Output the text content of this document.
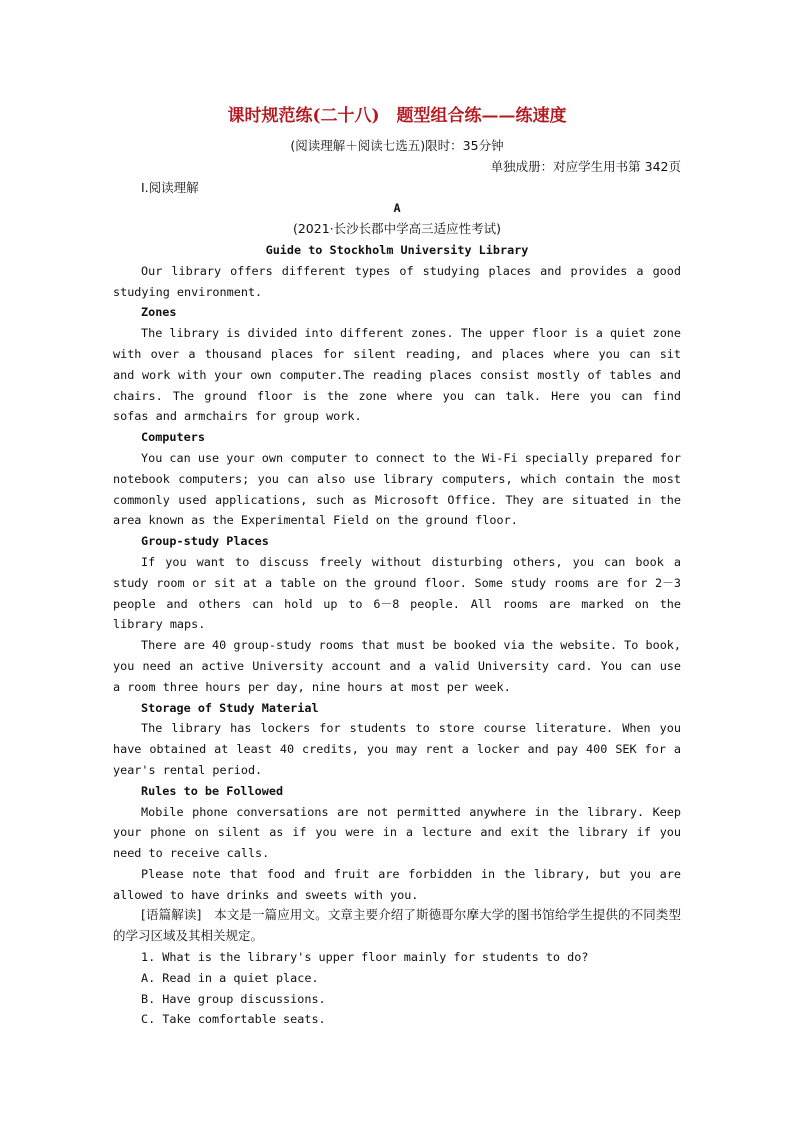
课时规范练(二十八)　题型组合练——练速度

(阅读理解＋阅读七选五)限时：35分钟

单独成册：对应学生用书第 342页

Ⅰ.阅读理解

A

(2021·长沙长郡中学高三适应性考试)

Guide to Stockholm University Library

Our library offers different types of studying places and provides a good studying environment.

Zones

The library is divided into different zones. The upper floor is a quiet zone with over a thousand places for silent reading, and places where you can sit and work with your own computer.The reading places consist mostly of tables and chairs. The ground floor is the zone where you can talk. Here you can find sofas and armchairs for group work.

Computers

You can use your own computer to connect to the Wi-Fi specially prepared for notebook computers; you can also use library computers, which contain the most commonly used applications, such as Microsoft Office. They are situated in the area known as the Experimental Field on the ground floor.

Group-study Places

If you want to discuss freely without disturbing others, you can book a study room or sit at a table on the ground floor. Some study rooms are for 2－3 people and others can hold up to 6－8 people. All rooms are marked on the library maps.

There are 40 group-study rooms that must be booked via the website. To book, you need an active University account and a valid University card. You can use a room three hours per day, nine hours at most per week.

Storage of Study Material

The library has lockers for students to store course literature. When you have obtained at least 40 credits, you may rent a locker and pay 400 SEK for a year's rental period.

Rules to be Followed

Mobile phone conversations are not permitted anywhere in the library. Keep your phone on silent as if you were in a lecture and exit the library if you need to receive calls.

Please note that food and fruit are forbidden in the library, but you are allowed to have drinks and sweets with you.

[语篇解读]　本文是一篇应用文。文章主要介绍了斯德哥尔摩大学的图书馆给学生提供的不同类型的学习区域及其相关规定。

1. What is the library's upper floor mainly for students to do?

A. Read in a quiet place.

B. Have group discussions.

C. Take comfortable seats.
